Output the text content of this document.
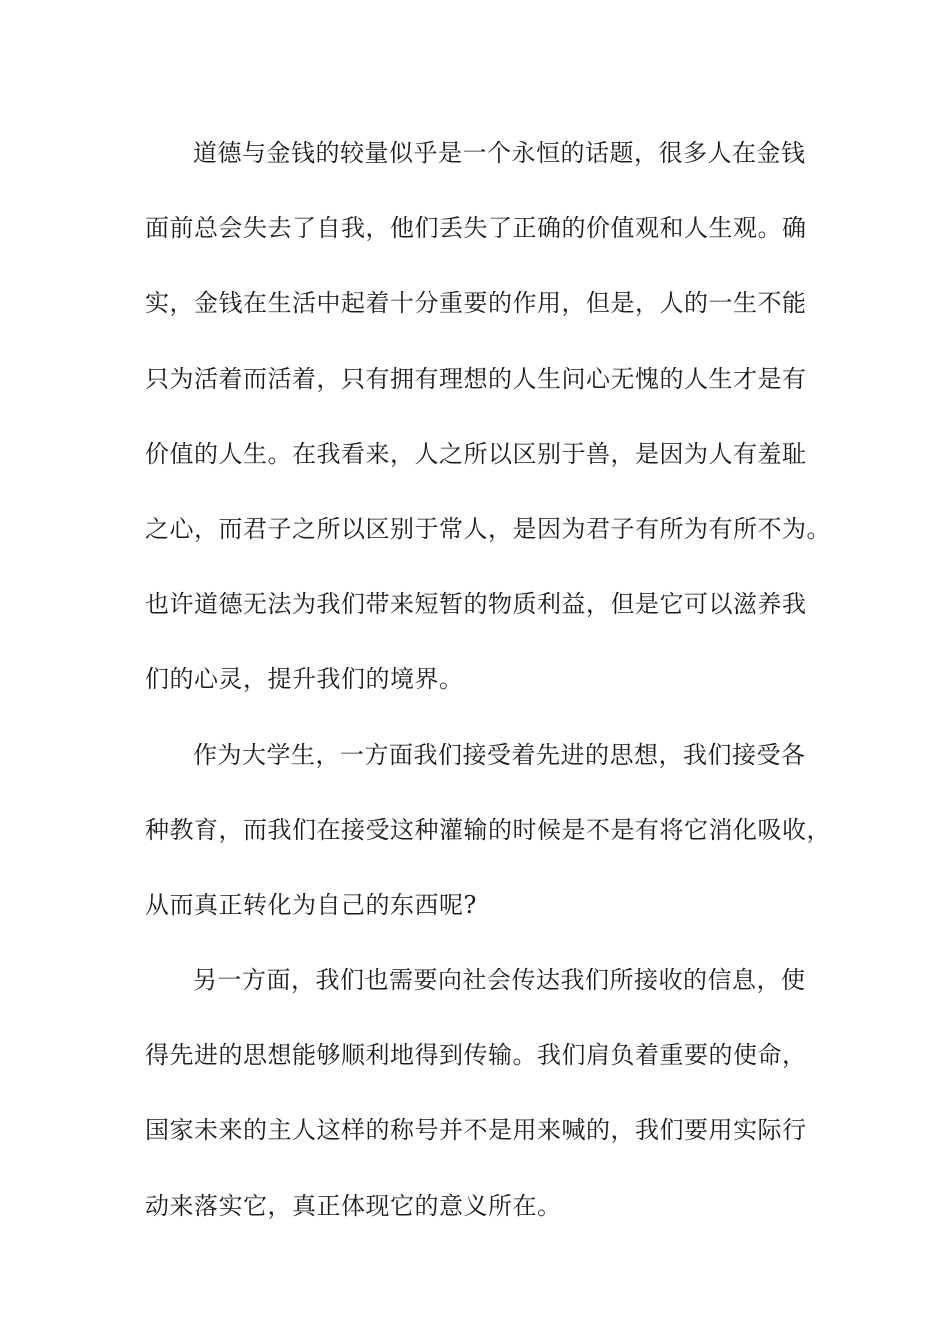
道德与金钱的较量似乎是一个永恒的话题，很多人在金钱
面前总会失去了自我，他们丢失了正确的价值观和人生观。确
实，金钱在生活中起着十分重要的作用，但是，人的一生不能
只为活着而活着，只有拥有理想的人生问心无愧的人生才是有
价值的人生。在我看来，人之所以区别于兽，是因为人有羞耻
之心，而君子之所以区别于常人，是因为君子有所为有所不为。
也许道德无法为我们带来短暂的物质利益，但是它可以滋养我
们的心灵，提升我们的境界。
作为大学生，一方面我们接受着先进的思想，我们接受各
种教育，而我们在接受这种灌输的时候是不是有将它消化吸收，
从而真正转化为自己的东西呢?
另一方面，我们也需要向社会传达我们所接收的信息，使
得先进的思想能够顺利地得到传输。我们肩负着重要的使命，
国家未来的主人这样的称号并不是用来喊的，我们要用实际行
动来落实它，真正体现它的意义所在。
